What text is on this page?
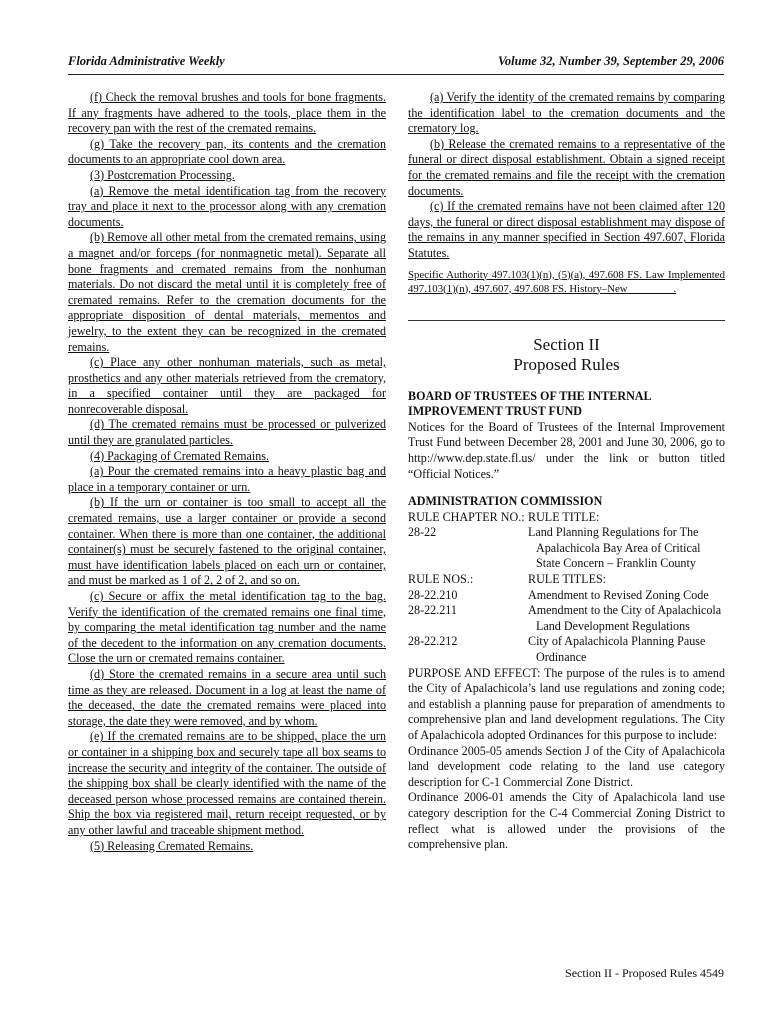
Florida Administrative Weekly	Volume 32, Number 39, September 29, 2006

(f) Check the removal brushes and tools for bone fragments. If any fragments have adhered to the tools, place them in the recovery pan with the rest of the cremated remains.

(g) Take the recovery pan, its contents and the cremation documents to an appropriate cool down area.

(3) Postcremation Processing.

(a) Remove the metal identification tag from the recovery tray and place it next to the processor along with any cremation documents.

(b) Remove all other metal from the cremated remains, using a magnet and/or forceps (for nonmagnetic metal). Separate all bone fragments and cremated remains from the nonhuman materials. Do not discard the metal until it is completely free of cremated remains. Refer to the cremation documents for the appropriate disposition of dental materials, mementos and jewelry, to the extent they can be recognized in the cremated remains.

(c) Place any other nonhuman materials, such as metal, prosthetics and any other materials retrieved from the crematory, in a specified container until they are packaged for nonrecoverable disposal.

(d) The cremated remains must be processed or pulverized until they are granulated particles.

(4) Packaging of Cremated Remains.

(a) Pour the cremated remains into a heavy plastic bag and place in a temporary container or urn.

(b) If the urn or container is too small to accept all the cremated remains, use a larger container or provide a second container. When there is more than one container, the additional container(s) must be securely fastened to the original container, must have identification labels placed on each urn or container, and must be marked as 1 of 2, 2 of 2, and so on.

(c) Secure or affix the metal identification tag to the bag. Verify the identification of the cremated remains one final time, by comparing the metal identification tag number and the name of the decedent to the information on any cremation documents. Close the urn or cremated remains container.

(d) Store the cremated remains in a secure area until such time as they are released. Document in a log at least the name of the deceased, the date the cremated remains were placed into storage, the date they were removed, and by whom.

(e) If the cremated remains are to be shipped, place the urn or container in a shipping box and securely tape all box seams to increase the security and integrity of the container. The outside of the shipping box shall be clearly identified with the name of the deceased person whose processed remains are contained therein. Ship the box via registered mail, return receipt requested, or by any other lawful and traceable shipment method.

(5) Releasing Cremated Remains.

(a) Verify the identity of the cremated remains by comparing the identification label to the cremation documents and the crematory log.

(b) Release the cremated remains to a representative of the funeral or direct disposal establishment. Obtain a signed receipt for the cremated remains and file the receipt with the cremation documents.

(c) If the cremated remains have not been claimed after 120 days, the funeral or direct disposal establishment may dispose of the remains in any manner specified in Section 497.607, Florida Statutes.

Specific Authority 497.103(1)(n), (5)(a), 497.608 FS. Law Implemented 497.103(1)(n), 497.607, 497.608 FS. History–New ________.

Section II
Proposed Rules

BOARD OF TRUSTEES OF THE INTERNAL IMPROVEMENT TRUST FUND

Notices for the Board of Trustees of the Internal Improvement Trust Fund between December 28, 2001 and June 30, 2006, go to http://www.dep.state.fl.us/ under the link or button titled “Official Notices.”

ADMINISTRATION COMMISSION

RULE CHAPTER NO.:	RULE TITLE:
28-22	Land Planning Regulations for The Apalachicola Bay Area of Critical State Concern – Franklin County
RULE NOS.:	RULE TITLES:
28-22.210	Amendment to Revised Zoning Code
28-22.211	Amendment to the City of Apalachicola Land Development Regulations
28-22.212	City of Apalachicola Planning Pause Ordinance

PURPOSE AND EFFECT: The purpose of the rules is to amend the City of Apalachicola’s land use regulations and zoning code; and establish a planning pause for preparation of amendments to comprehensive plan and land development regulations. The City of Apalachicola adopted Ordinances for this purpose to include:

Ordinance 2005-05 amends Section J of the City of Apalachicola land development code relating to the land use category description for C-1 Commercial Zone District.

Ordinance 2006-01 amends the City of Apalachicola land use category description for the C-4 Commercial Zoning District to reflect what is allowed under the provisions of the comprehensive plan.

Section II - Proposed Rules 4549
